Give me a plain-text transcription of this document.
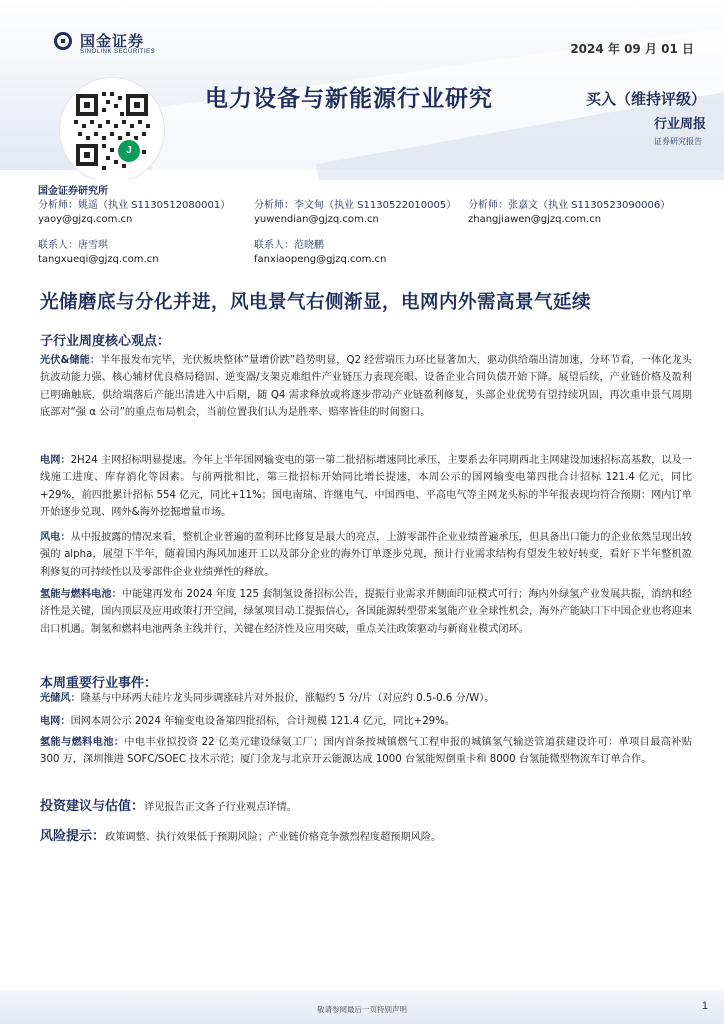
国金证券
SINOLINK SECURITIES
J
2024 年 09 月 01 日
电力设备与新能源行业研究	买入（维持评级）
行业周报
证券研究报告
国金证券研究所
分析师：姚遥（执业 S1130512080001）
yaoy@gjzq.com.cn
分析师：李文甸（执业 S1130522010005）
yuwendian@gjzq.com.cn
分析师：张嘉文（执业 S1130523090006）
zhangjiawen@gjzq.com.cn
联系人：唐雪琪
tangxueqi@gjzq.com.cn
联系人：范晓鹏
fanxiaopeng@gjzq.com.cn
光储磨底与分化并进，风电景气右侧渐显，电网内外需高景气延续
子行业周度核心观点：
光伏&储能：半年报发布完毕，光伏板块整体“量增价跌”趋势明显，Q2 经营端压力环比显著加大，驱动供给端出清加速，分环节看，一体化龙头抗波动能力强、核心辅材优良格局稳固、逆变器/支架克难组件产业链压力表现亮眼、设备企业合同负债开始下降。展望后续，产业链价格及盈利已明确触底，供给端落后产能出清进入中后期，随 Q4 需求释放或将逐步带动产业链盈利修复，头部企业优势有望持续巩固，再次重申景气周期底部对“强 α 公司”的重点布局机会，当前位置我们认为是胜率、赔率皆佳的时间窗口。
电网：2H24 主网招标明显提速。今年上半年国网输变电的第一第二批招标增速同比承压，主要系去年同期西北主网建设加速招标高基数，以及一线施工进度、库存消化等因素。与前两批相比，第三批招标开始同比增长提速，本周公示的国网输变电第四批合计招标 121.4 亿元，同比+29%，前四批累计招标 554 亿元，同比+11%；国电南瑞、许继电气、中国西电、平高电气等主网龙头标的半年报表现均符合预期：网内订单开始逐步兑现、网外&海外挖掘增量市场。
风电：从中报披露的情况来看，整机企业普遍的盈利环比修复是最大的亮点，上游零部件企业业绩普遍承压，但具备出口能力的企业依然呈现出较强的 alpha，展望下半年，随着国内海风加速开工以及部分企业的海外订单逐步兑现，预计行业需求结构有望发生较好转变，看好下半年整机盈利修复的可持续性以及零部件企业业绩弹性的释放。
氢能与燃料电池：中能建再发布 2024 年度 125 套制氢设备招标公告，提振行业需求并侧面印证模式可行；海内外绿氢产业发展共振，消纳和经济性是关键，国内顶层及应用政策打开空间，绿氢项目动工提振信心，各国能源转型带来氢能产业全球性机会，海外产能缺口下中国企业也将迎来出口机遇。制氢和燃料电池两条主线并行，关键在经济性及应用突破，重点关注政策驱动与新商业模式闭环。
本周重要行业事件：
光储风：隆基与中环两大硅片龙头同步调涨硅片对外报价，涨幅约 5 分/片（对应约 0.5-0.6 分/W）。
电网：国网本周公示 2024 年输变电设备第四批招标，合计规模 121.4 亿元，同比+29%。
氢能与燃料电池：中电丰业拟投资 22 亿美元建设绿氨工厂；国内首条按城镇燃气工程申报的城镇氢气输送管道获建设许可：单项目最高补贴 300 万，深圳推进 SOFC/SOEC 技术示范；厦门金龙与北京开云能源达成 1000 台氢能短倒重卡和 8000 台氢能微型物流车订单合作。
投资建议与估值：详见报告正文各子行业观点详情。
风险提示：政策调整、执行效果低于预期风险；产业链价格竞争激烈程度超预期风险。
敬请参阅最后一页特别声明	1
